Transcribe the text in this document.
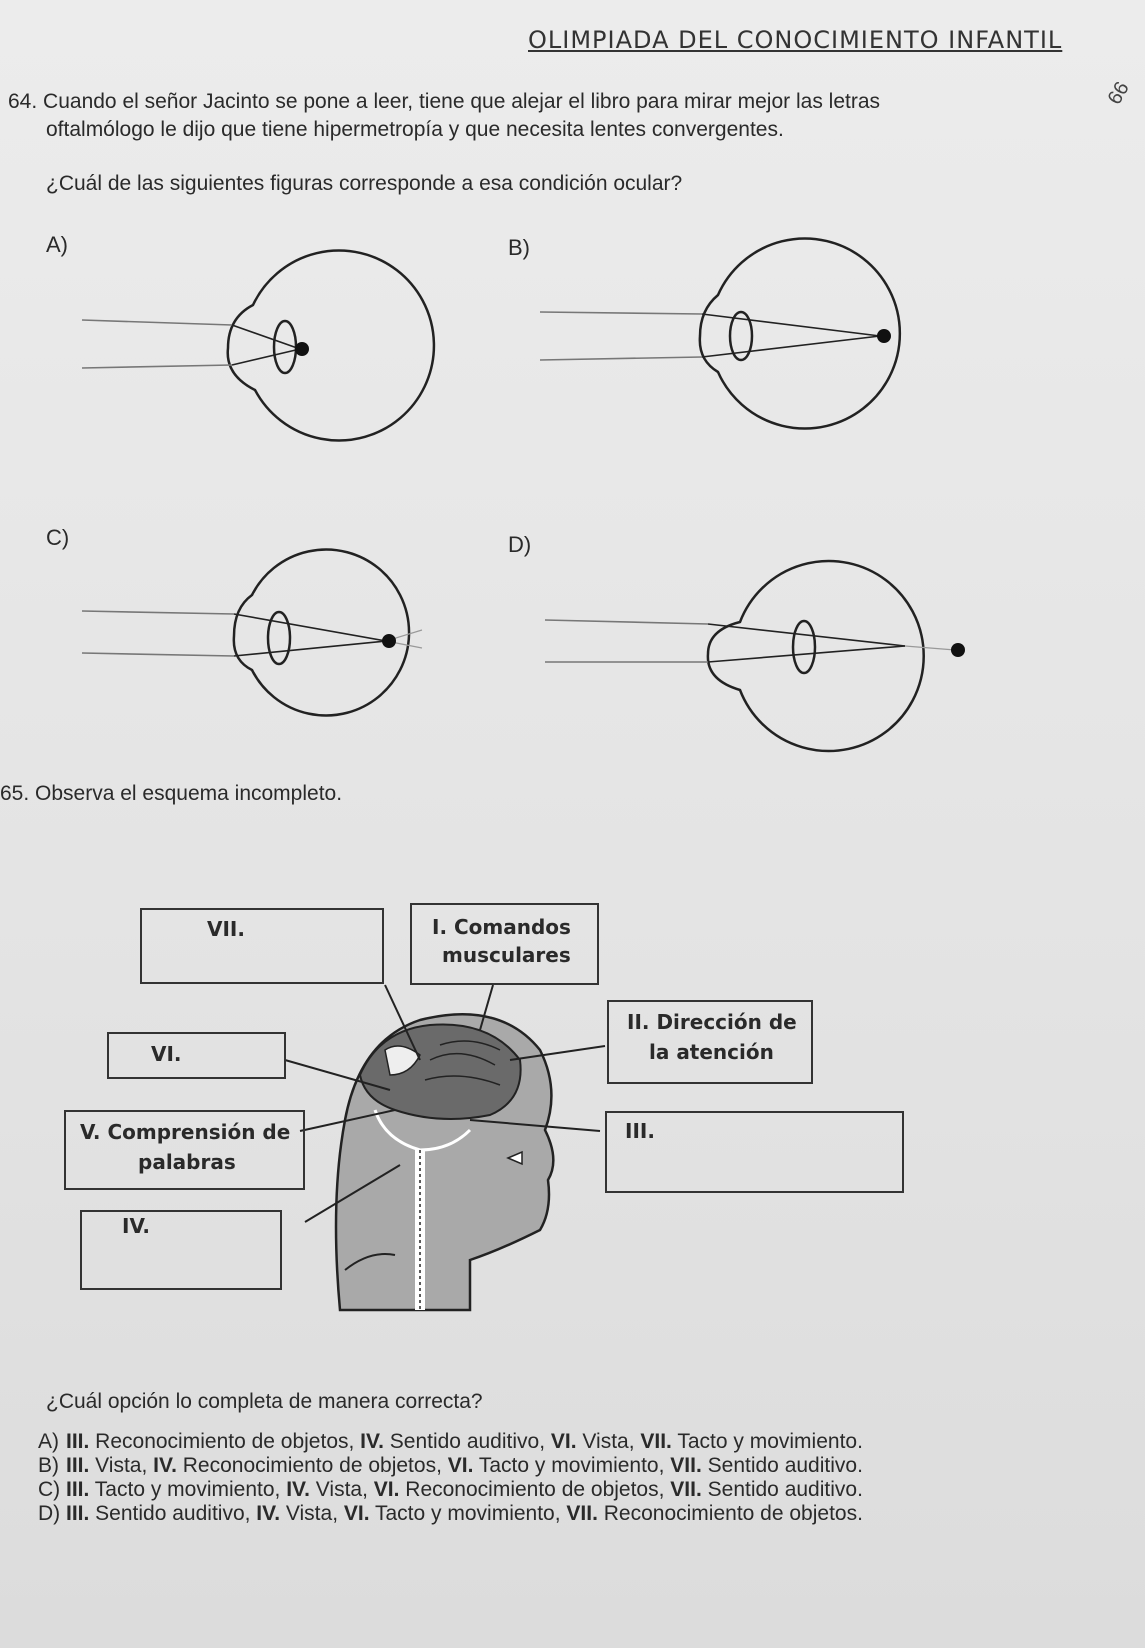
OLIMPIADA DEL CONOCIMIENTO INFANTIL
66
64. Cuando el señor Jacinto se pone a leer, tiene que alejar el libro para mirar mejor las letras
oftalmólogo le dijo que tiene hipermetropía y que necesita lentes convergentes.
¿Cuál de las siguientes figuras corresponde a esa condición ocular?
A)	B)
C)	D)
65. Observa el esquema incompleto.
VII.	I. Comandos
musculares
II. Dirección de
la atención
VI.
III.
V. Comprensión de
palabras
IV.
¿Cuál opción lo completa de manera correcta?
A) III. Reconocimiento de objetos, IV. Sentido auditivo, VI. Vista, VII. Tacto y movimiento.
B) III. Vista, IV. Reconocimiento de objetos, VI. Tacto y movimiento, VII. Sentido auditivo.
C) III. Tacto y movimiento, IV. Vista, VI. Reconocimiento de objetos, VII. Sentido auditivo.
D) III. Sentido auditivo, IV. Vista, VI. Tacto y movimiento, VII. Reconocimiento de objetos.
